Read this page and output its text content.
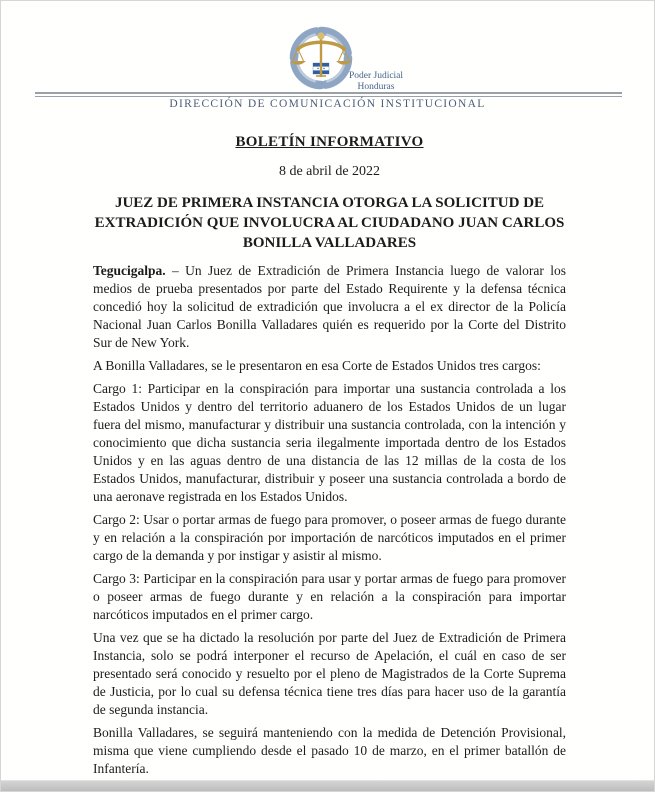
Poder Judicial
Honduras
DIRECCIÓN DE COMUNICACIÓN INSTITUCIONAL
BOLETÍN INFORMATIVO
8 de abril de 2022
JUEZ DE PRIMERA INSTANCIA OTORGA LA SOLICITUD DE EXTRADICIÓN QUE INVOLUCRA AL CIUDADANO JUAN CARLOS BONILLA VALLADARES

Tegucigalpa. – Un Juez de Extradición de Primera Instancia luego de valorar los medios de prueba presentados por parte del Estado Requirente y la defensa técnica concedió hoy la solicitud de extradición que involucra a el ex director de la Policía Nacional Juan Carlos Bonilla Valladares quién es requerido por la Corte del Distrito Sur de New York.

A Bonilla Valladares, se le presentaron en esa Corte de Estados Unidos tres cargos:

Cargo 1: Participar en la conspiración para importar una sustancia controlada a los Estados Unidos y dentro del territorio aduanero de los Estados Unidos de un lugar fuera del mismo, manufacturar y distribuir una sustancia controlada, con la intención y conocimiento que dicha sustancia seria ilegalmente importada dentro de los Estados Unidos y en las aguas dentro de una distancia de las 12 millas de la costa de los Estados Unidos, manufacturar, distribuir y poseer una sustancia controlada a bordo de una aeronave registrada en los Estados Unidos.

Cargo 2: Usar o portar armas de fuego para promover, o poseer armas de fuego durante y en relación a la conspiración por importación de narcóticos imputados en el primer cargo de la demanda y por instigar y asistir al mismo.

Cargo 3: Participar en la conspiración para usar y portar armas de fuego para promover o poseer armas de fuego durante y en relación a la conspiración para importar narcóticos imputados en el primer cargo.

Una vez que se ha dictado la resolución por parte del Juez de Extradición de Primera Instancia, solo se podrá interponer el recurso de Apelación, el cuál en caso de ser presentado será conocido y resuelto por el pleno de Magistrados de la Corte Suprema de Justicia, por lo cual su defensa técnica tiene tres días para hacer uso de la garantía de segunda instancia.

Bonilla Valladares, se seguirá manteniendo con la medida de Detención Provisional, misma que viene cumpliendo desde el pasado 10 de marzo, en el primer batallón de Infantería.
